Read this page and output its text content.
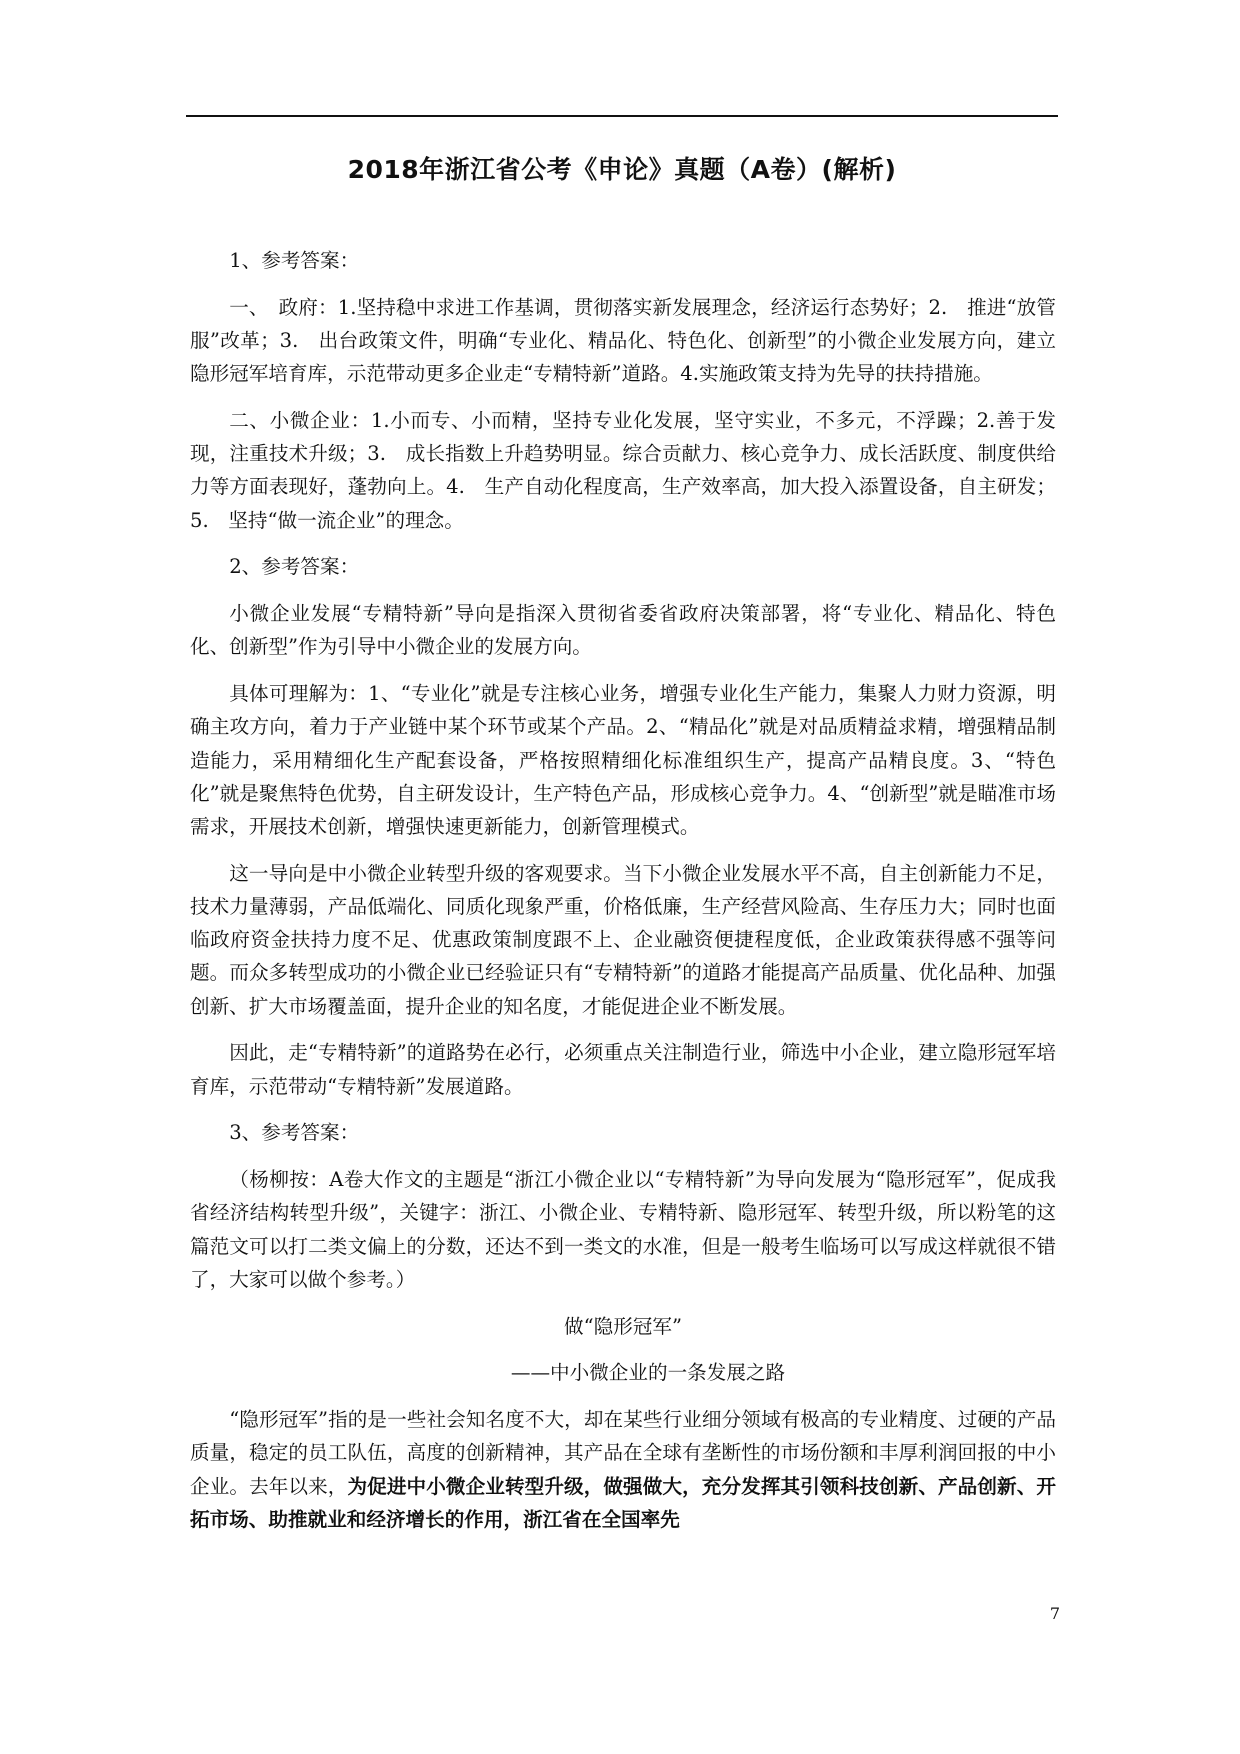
2018年浙江省公考《申论》真题（A卷）(解析)

1、参考答案：

一、　政府：1.坚持稳中求进工作基调，贯彻落实新发展理念，经济运行态势好；2.　推进“放管服”改革；3.　出台政策文件，明确“专业化、精品化、特色化、创新型”的小微企业发展方向，建立隐形冠军培育库，示范带动更多企业走“专精特新”道路。4.实施政策支持为先导的扶持措施。

二、小微企业：1.小而专、小而精，坚持专业化发展，坚守实业，不多元，不浮躁；2.善于发现，注重技术升级；3.　成长指数上升趋势明显。综合贡献力、核心竞争力、成长活跃度、制度供给力等方面表现好，蓬勃向上。4.　生产自动化程度高，生产效率高，加大投入添置设备，自主研发；5.　坚持“做一流企业”的理念。

2、参考答案：

小微企业发展“专精特新”导向是指深入贯彻省委省政府决策部署，将“专业化、精品化、特色化、创新型”作为引导中小微企业的发展方向。

具体可理解为：1、“专业化”就是专注核心业务，增强专业化生产能力，集聚人力财力资源，明确主攻方向，着力于产业链中某个环节或某个产品。2、“精品化”就是对品质精益求精，增强精品制造能力，采用精细化生产配套设备，严格按照精细化标准组织生产，提高产品精良度。3、“特色化”就是聚焦特色优势，自主研发设计，生产特色产品，形成核心竞争力。4、“创新型”就是瞄准市场需求，开展技术创新，增强快速更新能力，创新管理模式。

这一导向是中小微企业转型升级的客观要求。当下小微企业发展水平不高，自主创新能力不足，技术力量薄弱，产品低端化、同质化现象严重，价格低廉，生产经营风险高、生存压力大；同时也面临政府资金扶持力度不足、优惠政策制度跟不上、企业融资便捷程度低，企业政策获得感不强等问题。而众多转型成功的小微企业已经验证只有“专精特新”的道路才能提高产品质量、优化品种、加强创新、扩大市场覆盖面，提升企业的知名度，才能促进企业不断发展。

因此，走“专精特新”的道路势在必行，必须重点关注制造行业，筛选中小企业，建立隐形冠军培育库，示范带动“专精特新”发展道路。

3、参考答案：

（杨柳按：A卷大作文的主题是“浙江小微企业以“专精特新”为导向发展为“隐形冠军”，促成我省经济结构转型升级”，关键字：浙江、小微企业、专精特新、隐形冠军、转型升级，所以粉笔的这篇范文可以打二类文偏上的分数，还达不到一类文的水准，但是一般考生临场可以写成这样就很不错了，大家可以做个参考。）

做“隐形冠军”

——中小微企业的一条发展之路

“隐形冠军”指的是一些社会知名度不大，却在某些行业细分领域有极高的专业精度、过硬的产品质量，稳定的员工队伍，高度的创新精神，其产品在全球有垄断性的市场份额和丰厚利润回报的中小企业。去年以来，为促进中小微企业转型升级，做强做大，充分发挥其引领科技创新、产品创新、开拓市场、助推就业和经济增长的作用，浙江省在全国率先

7
